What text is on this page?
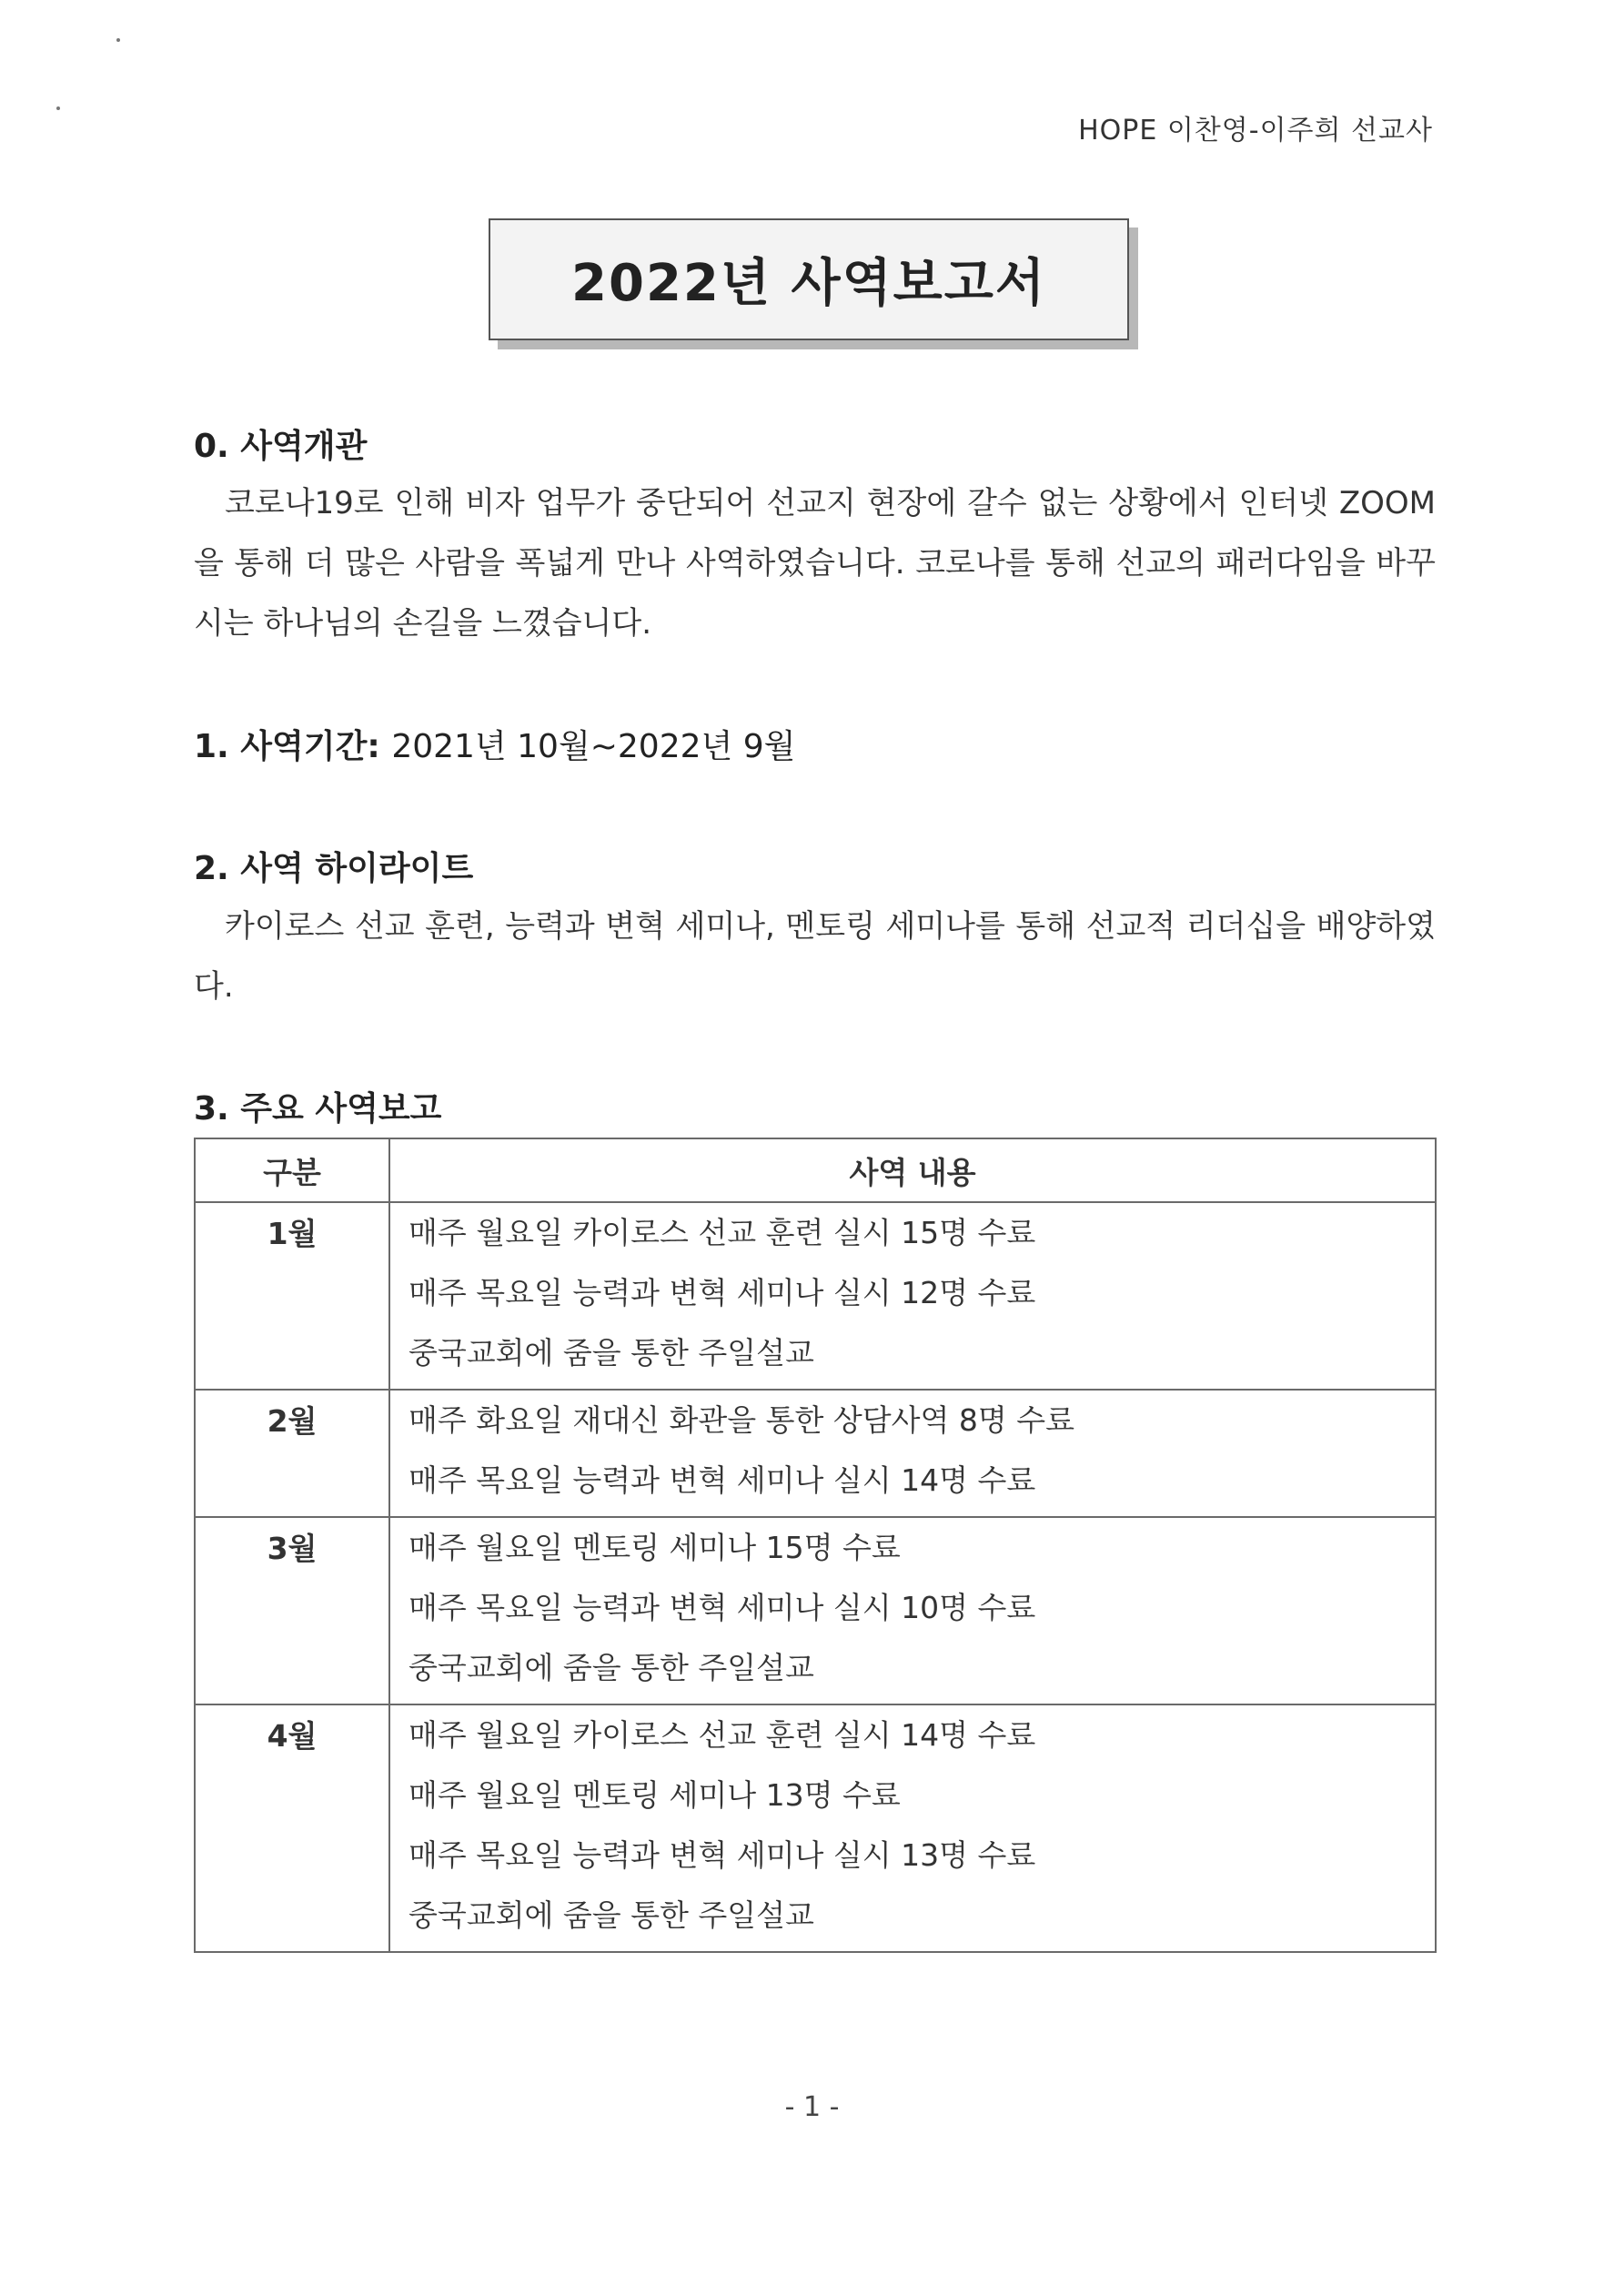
HOPE 이찬영-이주희 선교사
2022년 사역보고서
0. 사역개관
코로나19로 인해 비자 업무가 중단되어 선교지 현장에 갈수 없는 상황에서 인터넷 ZOOM을 통해 더 많은 사람을 폭넓게 만나 사역하였습니다. 코로나를 통해 선교의 패러다임을 바꾸시는 하나님의 손길을 느꼈습니다.
1. 사역기간: 2021년 10월~2022년 9월
2. 사역 하이라이트
카이로스 선교 훈련, 능력과 변혁 세미나, 멘토링 세미나를 통해 선교적 리더십을 배양하였다.
3. 주요 사역보고
구분	사역 내용
1월	매주 월요일 카이로스 선교 훈련 실시 15명 수료
매주 목요일 능력과 변혁 세미나 실시 12명 수료
중국교회에 줌을 통한 주일설교

2월	매주 화요일 재대신 화관을 통한 상담사역 8명 수료
매주 목요일 능력과 변혁 세미나 실시 14명 수료

3월	매주 월요일 멘토링 세미나 15명 수료
매주 목요일 능력과 변혁 세미나 실시 10명 수료
중국교회에 줌을 통한 주일설교

4월	매주 월요일 카이로스 선교 훈련 실시 14명 수료
매주 월요일 멘토링 세미나 13명 수료
매주 목요일 능력과 변혁 세미나 실시 13명 수료
중국교회에 줌을 통한 주일설교
- 1 -
